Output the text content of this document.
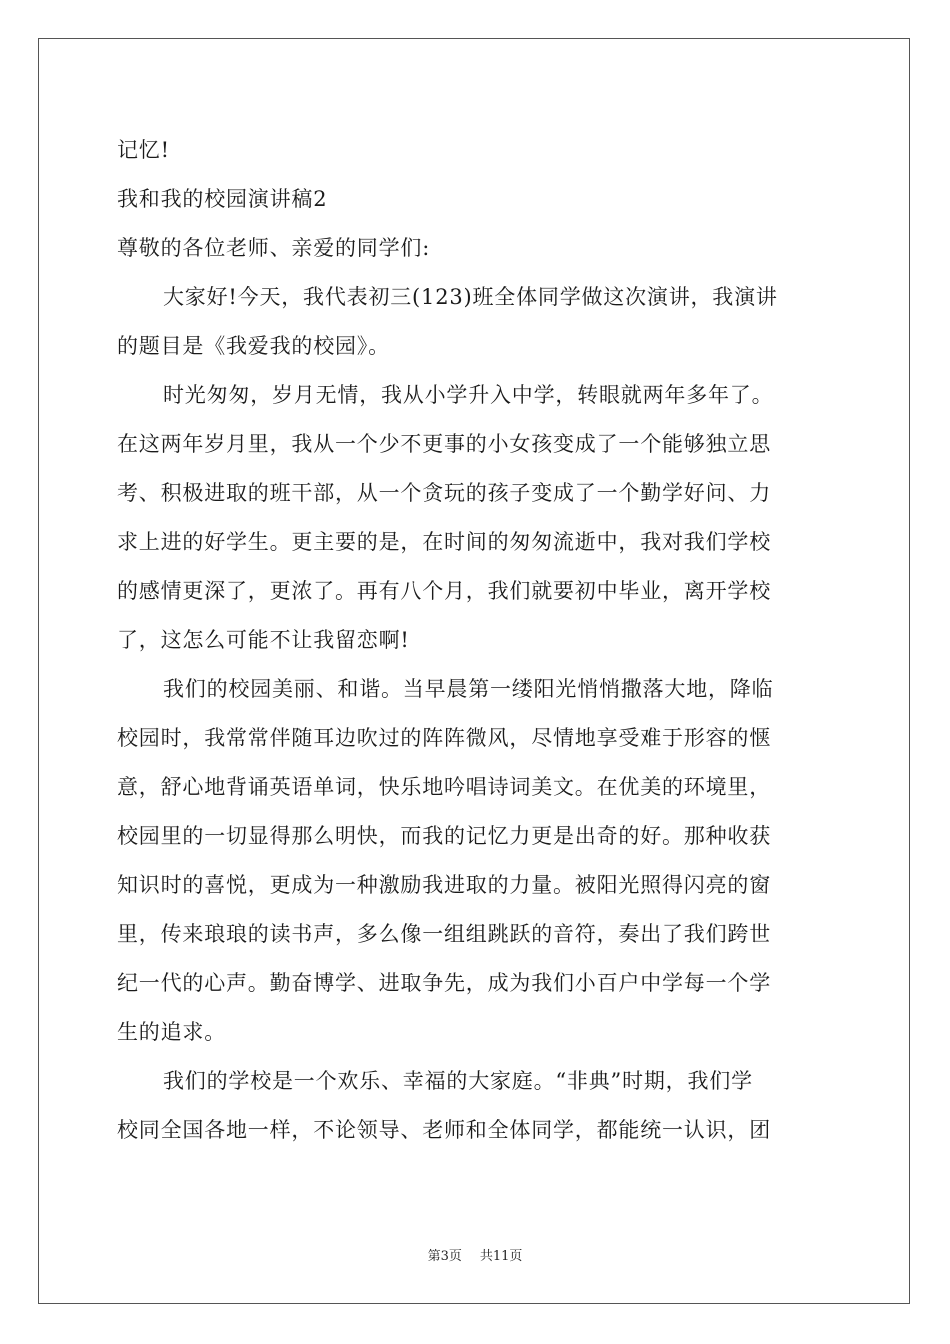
记忆!
我和我的校园演讲稿2
尊敬的各位老师、亲爱的同学们:
大家好!今天，我代表初三(123)班全体同学做这次演讲，我演讲
的题目是《我爱我的校园》。
时光匆匆，岁月无情，我从小学升入中学，转眼就两年多年了。
在这两年岁月里，我从一个少不更事的小女孩变成了一个能够独立思
考、积极进取的班干部，从一个贪玩的孩子变成了一个勤学好问、力
求上进的好学生。更主要的是，在时间的匆匆流逝中，我对我们学校
的感情更深了，更浓了。再有八个月，我们就要初中毕业，离开学校
了，这怎么可能不让我留恋啊!
我们的校园美丽、和谐。当早晨第一缕阳光悄悄撒落大地，降临
校园时，我常常伴随耳边吹过的阵阵微风，尽情地享受难于形容的惬
意，舒心地背诵英语单词，快乐地吟唱诗词美文。在优美的环境里，
校园里的一切显得那么明快，而我的记忆力更是出奇的好。那种收获
知识时的喜悦，更成为一种激励我进取的力量。被阳光照得闪亮的窗
里，传来琅琅的读书声，多么像一组组跳跃的音符，奏出了我们跨世
纪一代的心声。勤奋博学、进取争先，成为我们小百户中学每一个学
生的追求。
我们的学校是一个欢乐、幸福的大家庭。“非典”时期，我们学
校同全国各地一样，不论领导、老师和全体同学，都能统一认识，团
第3页 共11页
